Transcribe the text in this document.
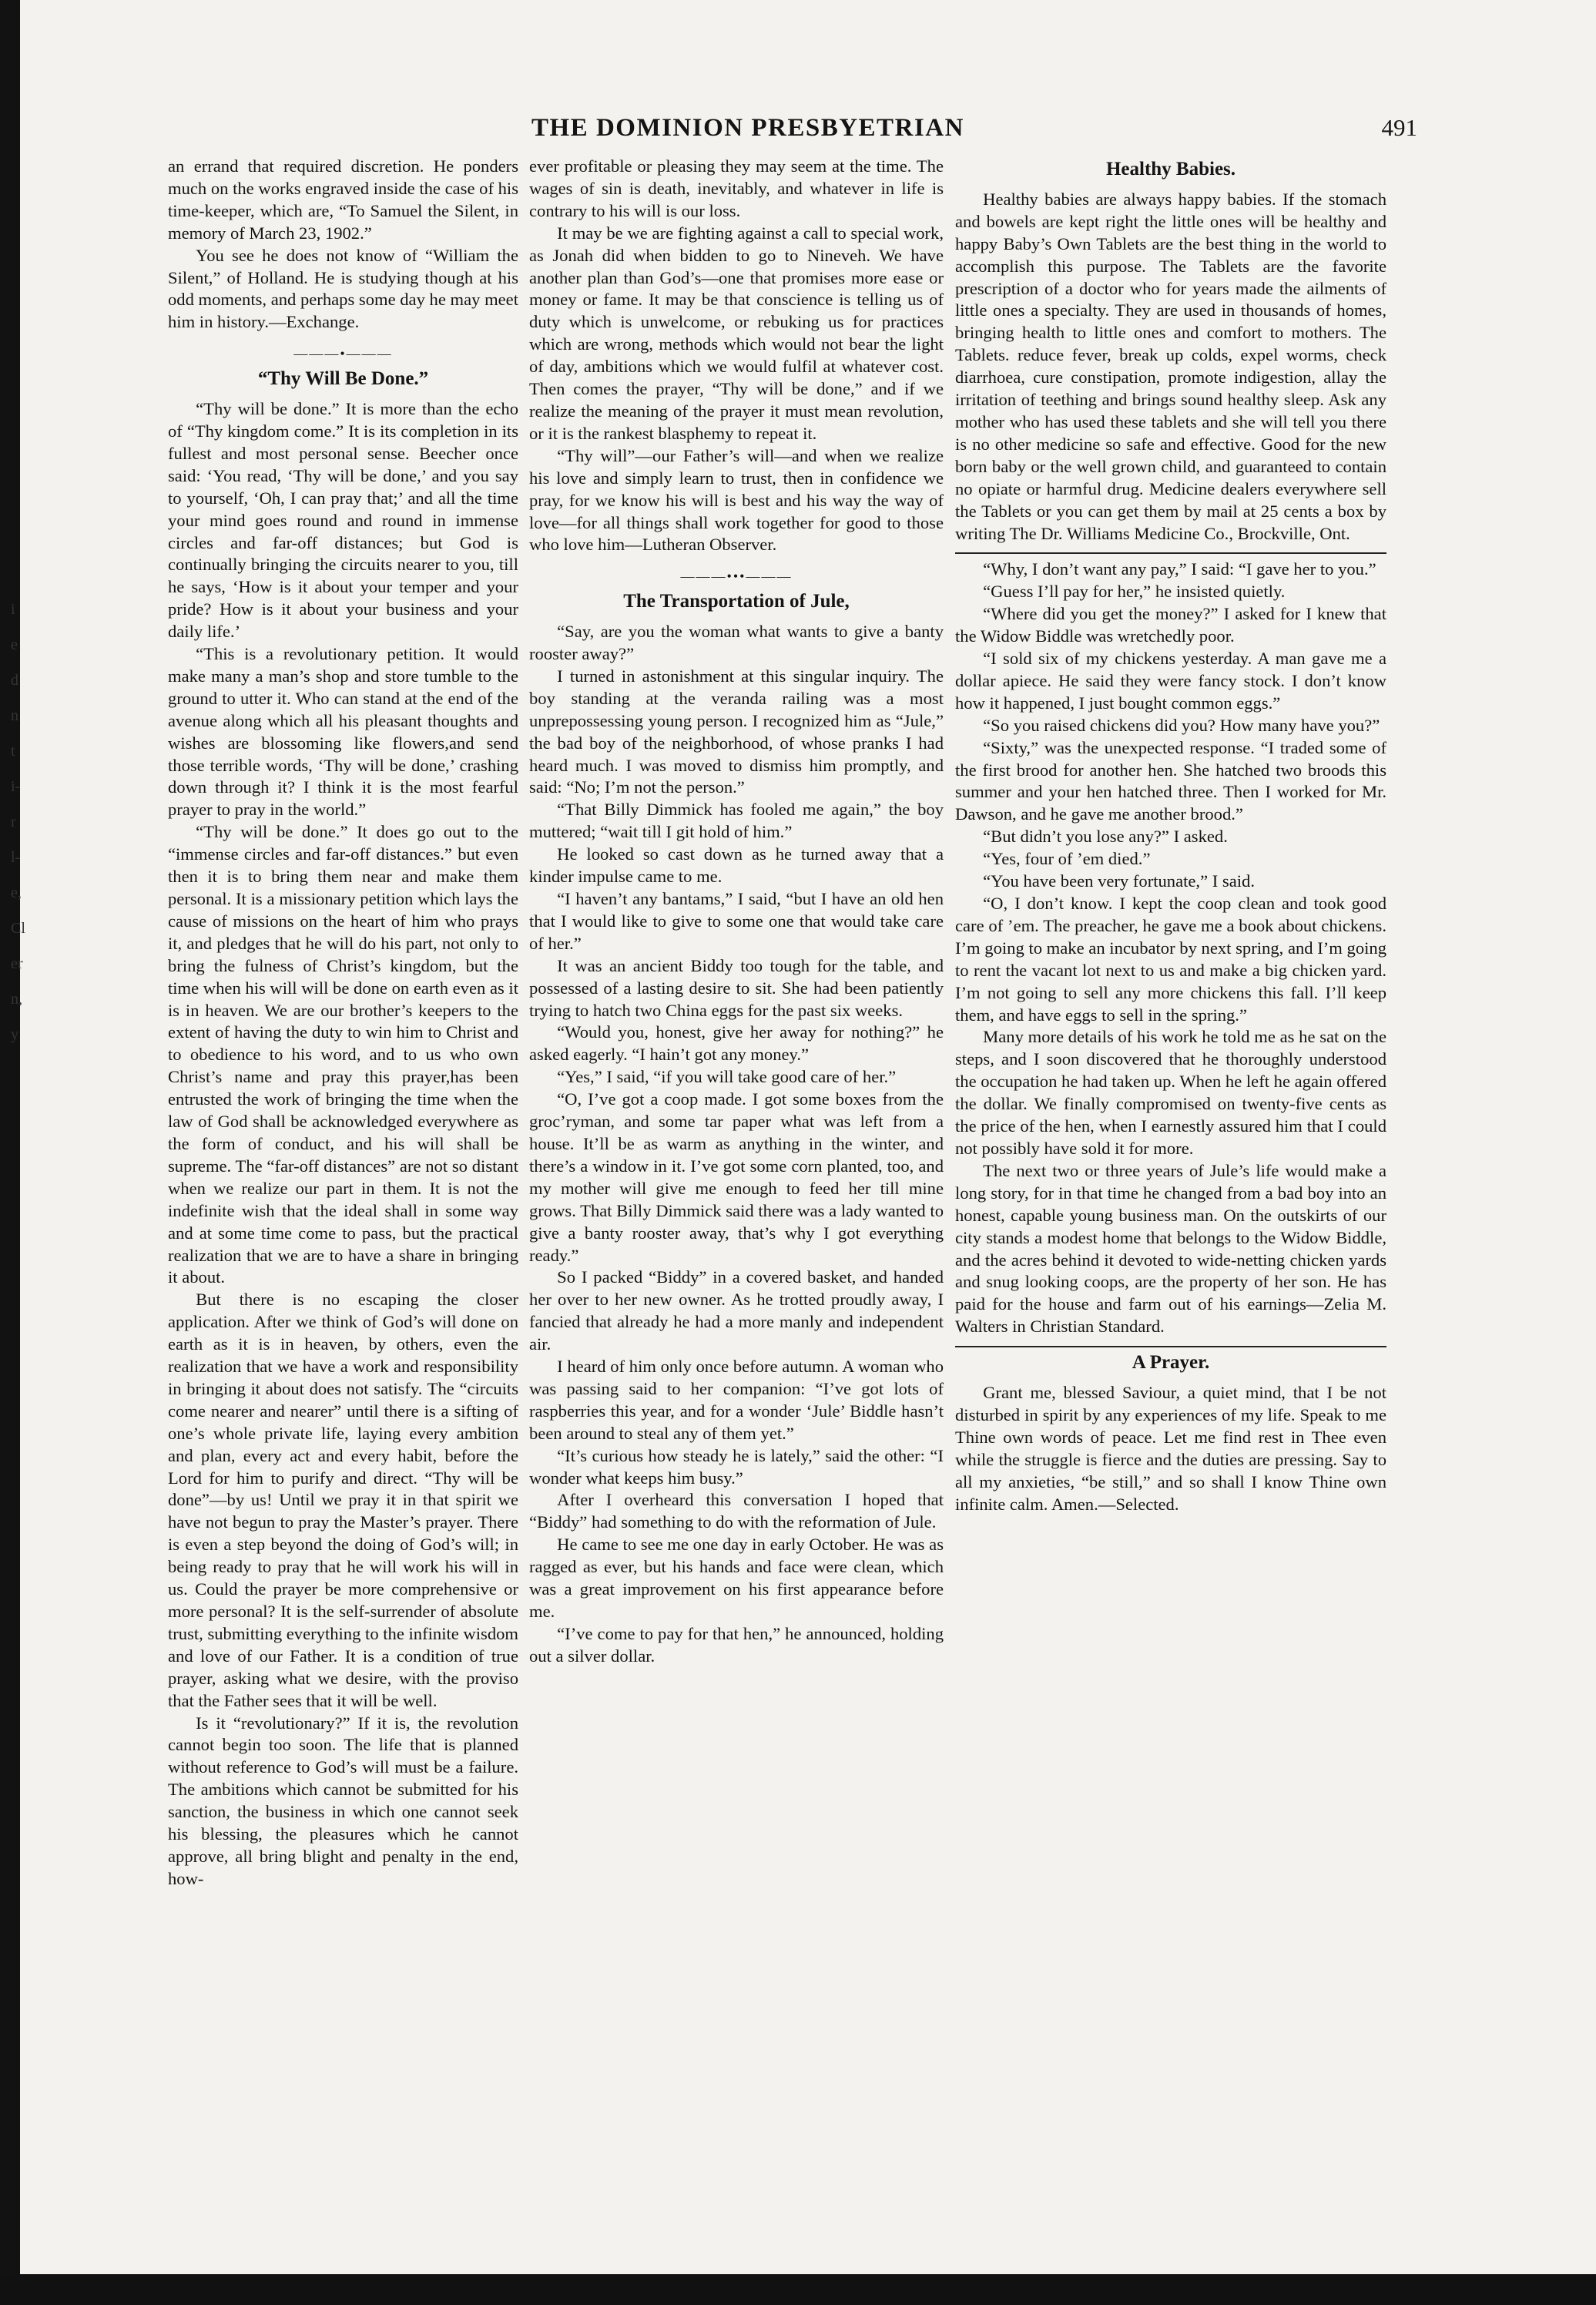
i
e
d
n
t
i-
r
l-
e,
Cl
er
n,
y
THE DOMINION PRESBYETRIAN	491

an errand that required discretion. He ponders much on the works engraved inside the case of his time-keeper, which are, “To Samuel the Silent, in memory of March 23, 1902.”

You see he does not know of “William the Silent,” of Holland. He is studying though at his odd moments, and perhaps some day he may meet him in history.—Exchange.

———•———
“Thy Will Be Done.”

“Thy will be done.” It is more than the echo of “Thy kingdom come.” It is its completion in its fullest and most personal sense. Beecher once said: ‘You read, ‘Thy will be done,’ and you say to yourself, ‘Oh, I can pray that;’ and all the time your mind goes round and round in immense circles and far-off distances; but God is continually bringing the circuits nearer to you, till he says, ‘How is it about your temper and your pride? How is it about your business and your daily life.’

“This is a revolutionary petition. It would make many a man’s shop and store tumble to the ground to utter it. Who can stand at the end of the avenue along which all his pleasant thoughts and wishes are blossoming like flowers,and send those terrible words, ‘Thy will be done,’ crashing down through it? I think it is the most fearful prayer to pray in the world.”

“Thy will be done.” It does go out to the “immense circles and far-off distances.” but even then it is to bring them near and make them personal. It is a missionary petition which lays the cause of missions on the heart of him who prays it, and pledges that he will do his part, not only to bring the fulness of Christ’s kingdom, but the time when his will will be done on earth even as it is in heaven. We are our brother’s keepers to the extent of having the duty to win him to Christ and to obedience to his word, and to us who own Christ’s name and pray this prayer,has been entrusted the work of bringing the time when the law of God shall be acknowledged everywhere as the form of conduct, and his will shall be supreme. The “far-off distances” are not so distant when we realize our part in them. It is not the indefinite wish that the ideal shall in some way and at some time come to pass, but the practical realization that we are to have a share in bringing it about.

But there is no escaping the closer application. After we think of God’s will done on earth as it is in heaven, by others, even the realization that we have a work and responsibility in bringing it about does not satisfy. The “circuits come nearer and nearer” until there is a sifting of one’s whole private life, laying every ambition and plan, every act and every habit, before the Lord for him to purify and direct. “Thy will be done”—by us! Until we pray it in that spirit we have not begun to pray the Master’s prayer. There is even a step beyond the doing of God’s will; in being ready to pray that he will work his will in us. Could the prayer be more comprehensive or more personal? It is the self-surrender of absolute trust, submitting everything to the infinite wisdom and love of our Father. It is a condition of true prayer, asking what we desire, with the proviso that the Father sees that it will be well.

Is it “revolutionary?” If it is, the revolution cannot begin too soon. The life that is planned without reference to God’s will must be a failure. The ambitions which cannot be submitted for his sanction, the business in which one cannot seek his blessing, the pleasures which he cannot approve, all bring blight and penalty in the end, how-

ever profitable or pleasing they may seem at the time. The wages of sin is death, inevitably, and whatever in life is contrary to his will is our loss.

It may be we are fighting against a call to special work, as Jonah did when bidden to go to Nineveh. We have another plan than God’s—one that promises more ease or money or fame. It may be that conscience is telling us of duty which is unwelcome, or rebuking us for practices which are wrong, methods which would not bear the light of day, ambitions which we would fulfil at whatever cost. Then comes the prayer, “Thy will be done,” and if we realize the meaning of the prayer it must mean revolution, or it is the rankest blasphemy to repeat it.

“Thy will”—our Father’s will—and when we realize his love and simply learn to trust, then in confidence we pray, for we know his will is best and his way the way of love—for all things shall work together for good to those who love him—Lutheran Observer.

———•••———
The Transportation of Jule,

“Say, are you the woman what wants to give a banty rooster away?”

I turned in astonishment at this singular inquiry. The boy standing at the veranda railing was a most unprepossessing young person. I recognized him as “Jule,” the bad boy of the neighborhood, of whose pranks I had heard much. I was moved to dismiss him promptly, and said: “No; I’m not the person.”

“That Billy Dimmick has fooled me again,” the boy muttered; “wait till I git hold of him.”

He looked so cast down as he turned away that a kinder impulse came to me.

“I haven’t any bantams,” I said, “but I have an old hen that I would like to give to some one that would take care of her.”

It was an ancient Biddy too tough for the table, and possessed of a lasting desire to sit. She had been patiently trying to hatch two China eggs for the past six weeks.

“Would you, honest, give her away for nothing?” he asked eagerly. “I hain’t got any money.”

“Yes,” I said, “if you will take good care of her.”

“O, I’ve got a coop made. I got some boxes from the groc’ryman, and some tar paper what was left from a house. It’ll be as warm as anything in the winter, and there’s a window in it. I’ve got some corn planted, too, and my mother will give me enough to feed her till mine grows. That Billy Dimmick said there was a lady wanted to give a banty rooster away, that’s why I got everything ready.”

So I packed “Biddy” in a covered basket, and handed her over to her new owner. As he trotted proudly away, I fancied that already he had a more manly and independent air.

I heard of him only once before autumn. A woman who was passing said to her companion: “I’ve got lots of raspberries this year, and for a wonder ‘Jule’ Biddle hasn’t been around to steal any of them yet.”

“It’s curious how steady he is lately,” said the other: “I wonder what keeps him busy.”

After I overheard this conversation I hoped that “Biddy” had something to do with the reformation of Jule.

He came to see me one day in early October. He was as ragged as ever, but his hands and face were clean, which was a great improvement on his first appearance before me.

“I’ve come to pay for that hen,” he announced, holding out a silver dollar.

Healthy Babies.

Healthy babies are always happy babies. If the stomach and bowels are kept right the little ones will be healthy and happy Baby’s Own Tablets are the best thing in the world to accomplish this purpose. The Tablets are the favorite prescription of a doctor who for years made the ailments of little ones a specialty. They are used in thousands of homes, bringing health to little ones and comfort to mothers. The Tablets. reduce fever, break up colds, expel worms, check diarrhoea, cure constipation, promote indigestion, allay the irritation of teething and brings sound healthy sleep. Ask any mother who has used these tablets and she will tell you there is no other medicine so safe and effective. Good for the new born baby or the well grown child, and guaranteed to contain no opiate or harmful drug. Medicine dealers everywhere sell the Tablets or you can get them by mail at 25 cents a box by writing The Dr. Williams Medicine Co., Brockville, Ont.

“Why, I don’t want any pay,” I said: “I gave her to you.”

“Guess I’ll pay for her,” he insisted quietly.

“Where did you get the money?” I asked for I knew that the Widow Biddle was wretchedly poor.

“I sold six of my chickens yesterday. A man gave me a dollar apiece. He said they were fancy stock. I don’t know how it happened, I just bought common eggs.”

“So you raised chickens did you? How many have you?”

“Sixty,” was the unexpected response. “I traded some of the first brood for another hen. She hatched two broods this summer and your hen hatched three. Then I worked for Mr. Dawson, and he gave me another brood.”

“But didn’t you lose any?” I asked.

“Yes, four of ’em died.”

“You have been very fortunate,” I said.

“O, I don’t know. I kept the coop clean and took good care of ’em. The preacher, he gave me a book about chickens. I’m going to make an incubator by next spring, and I’m going to rent the vacant lot next to us and make a big chicken yard. I’m not going to sell any more chickens this fall. I’ll keep them, and have eggs to sell in the spring.”

Many more details of his work he told me as he sat on the steps, and I soon discovered that he thoroughly understood the occupation he had taken up. When he left he again offered the dollar. We finally compromised on twenty-five cents as the price of the hen, when I earnestly assured him that I could not possibly have sold it for more.

The next two or three years of Jule’s life would make a long story, for in that time he changed from a bad boy into an honest, capable young business man. On the outskirts of our city stands a modest home that belongs to the Widow Biddle, and the acres behind it devoted to wide-netting chicken yards and snug looking coops, are the property of her son. He has paid for the house and farm out of his earnings—Zelia M. Walters in Christian Standard.

A Prayer.

Grant me, blessed Saviour, a quiet mind, that I be not disturbed in spirit by any experiences of my life. Speak to me Thine own words of peace. Let me find rest in Thee even while the struggle is fierce and the duties are pressing. Say to all my anxieties, “be still,” and so shall I know Thine own infinite calm. Amen.—Selected.
